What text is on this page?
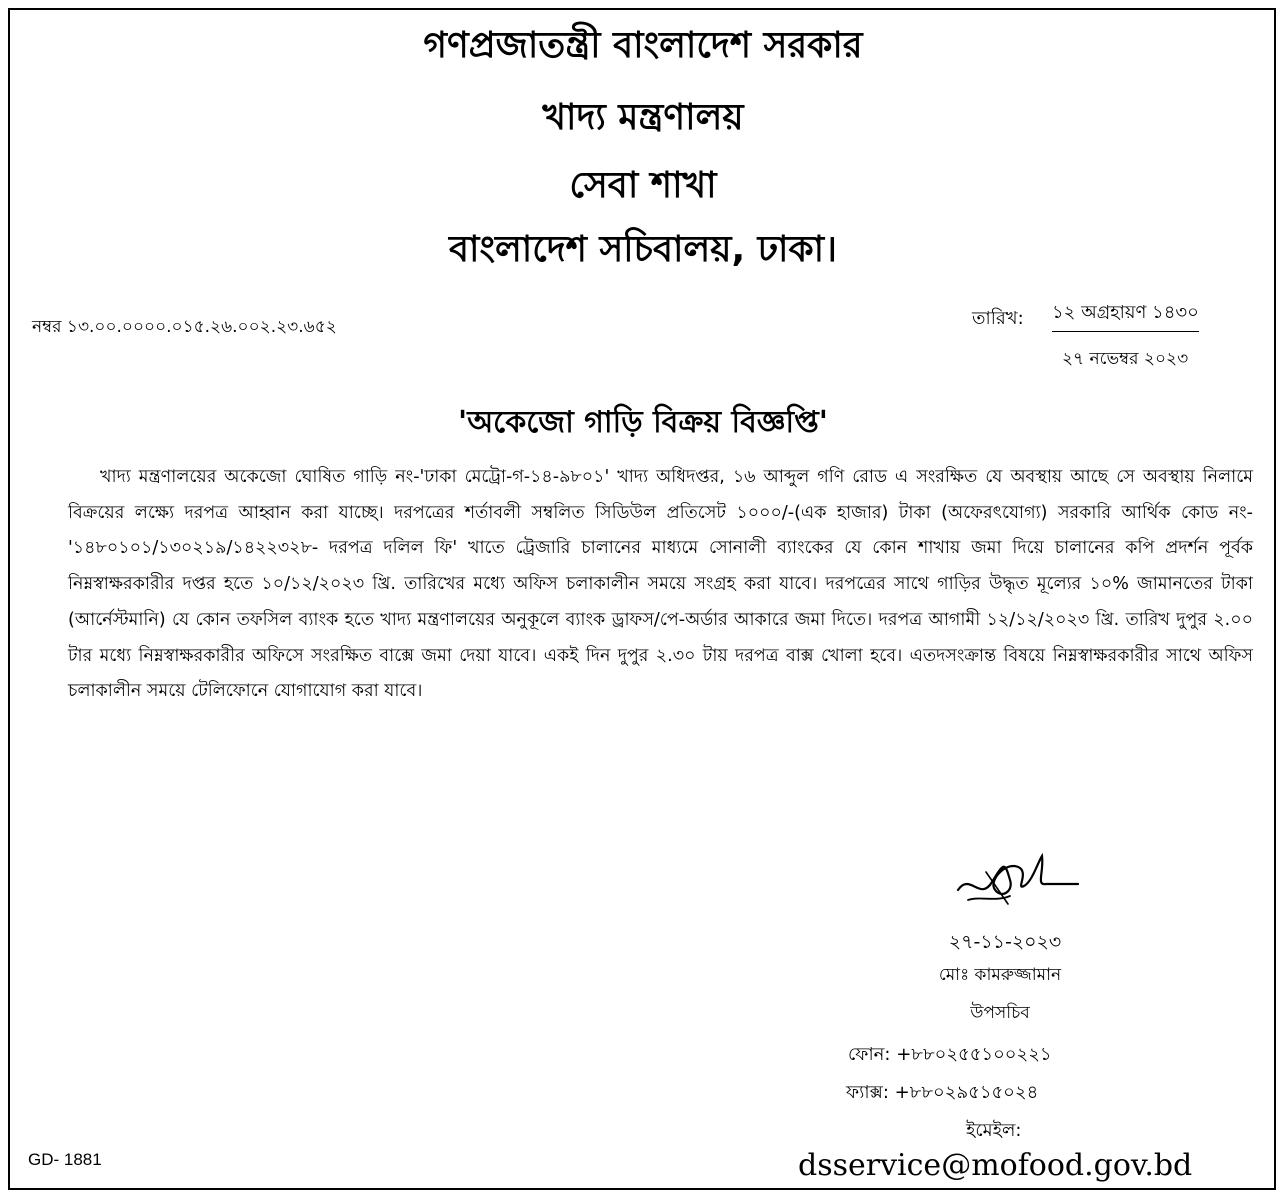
গণপ্রজাতন্ত্রী বাংলাদেশ সরকার
খাদ্য মন্ত্রণালয়
সেবা শাখা
বাংলাদেশ সচিবালয়, ঢাকা।
নম্বর ১৩.০০.০০০০.০১৫.২৬.০০২.২৩.৬৫২	তারিখ: ১২ অগ্রহায়ণ ১৪৩০
২৭ নভেম্বর ২০২৩
'অকেজো গাড়ি বিক্রয় বিজ্ঞপ্তি'
খাদ্য মন্ত্রণালয়ের অকেজো ঘোষিত গাড়ি নং-'ঢাকা মেট্রো-গ-১৪-৯৮০১' খাদ্য অধিদপ্তর, ১৬ আব্দুল গণি রোড এ সংরক্ষিত যে অবস্থায় আছে সে অবস্থায় নিলামে বিক্রয়ের লক্ষ্যে দরপত্র আহ্বান করা যাচ্ছে। দরপত্রের শর্তাবলী সম্বলিত সিডিউল প্রতিসেট ১০০০/-(এক হাজার) টাকা (অফেরৎযোগ্য) সরকারি আর্থিক কোড নং-'১৪৮০১০১/১৩০২১৯/১৪২২৩২৮- দরপত্র দলিল ফি' খাতে ট্রেজারি চালানের মাধ্যমে সোনালী ব্যাংকের যে কোন শাখায় জমা দিয়ে চালানের কপি প্রদর্শন পূর্বক নিম্নস্বাক্ষরকারীর দপ্তর হতে ১০/১২/২০২৩ খ্রি. তারিখের মধ্যে অফিস চলাকালীন সময়ে সংগ্রহ করা যাবে। দরপত্রের সাথে গাড়ির উদ্ধৃত মূল্যের ১০% জামানতের টাকা (আর্নেস্টমানি) যে কোন তফসিল ব্যাংক হতে খাদ্য মন্ত্রণালয়ের অনুকূলে ব্যাংক ড্রাফস/পে-অর্ডার আকারে জমা দিতে। দরপত্র আগামী ১২/১২/২০২৩ খ্রি. তারিখ দুপুর ২.০০ টার মধ্যে নিম্নস্বাক্ষরকারীর অফিসে সংরক্ষিত বাক্সে জমা দেয়া যাবে। একই দিন দুপুর ২.৩০ টায় দরপত্র বাক্স খোলা হবে। এতদসংক্রান্ত বিষয়ে নিম্নস্বাক্ষরকারীর সাথে অফিস চলাকালীন সময়ে টেলিফোনে যোগাযোগ করা যাবে।
২৭-১১-২০২৩
মোঃ কামরুজ্জামান
উপসচিব
ফোন: +৮৮০২৫৫১০০২২১
ফ্যাক্স: +৮৮০২৯৫১৫০২৪
ইমেইল:
dsservice@mofood.gov.bd
GD- 1881
